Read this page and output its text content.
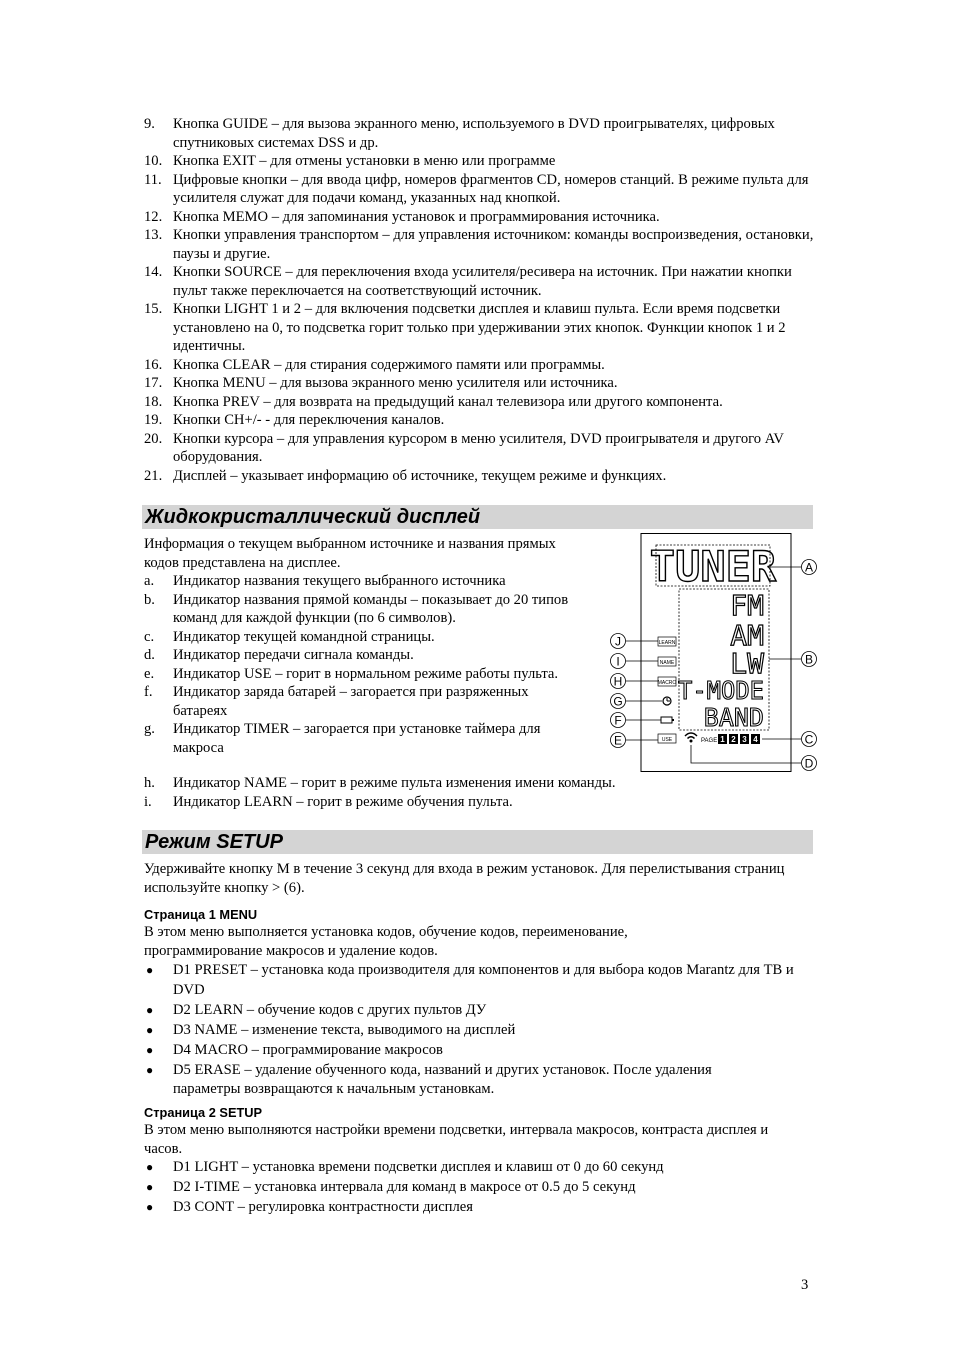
9. Кнопка GUIDE – для вызова экранного меню, используемого в DVD проигрывателях, цифровых спутниковых системах DSS и др.
10. Кнопка EXIT – для отмены установки в меню или программе
11. Цифровые кнопки – для ввода цифр, номеров фрагментов CD, номеров станций. В режиме пульта для усилителя служат для подачи команд, указанных над кнопкой.
12. Кнопка MEMO – для запоминания установок и программирования источника.
13. Кнопки управления транспортом – для управления источником: команды воспроизведения, остановки, паузы и другие.
14. Кнопки SOURCE – для переключения входа усилителя/ресивера на источник. При нажатии кнопки пульт также переключается на соответствующий источник.
15. Кнопки LIGHT 1 и 2 – для включения подсветки дисплея и клавиш пульта. Если время подсветки установлено на 0, то подсветка горит только при удерживании этих кнопок. Функции кнопок 1 и 2 идентичны.
16. Кнопка CLEAR – для стирания содержимого памяти или программы.
17. Кнопка MENU – для вызова экранного меню усилителя или источника.
18. Кнопка PREV – для возврата на предыдущий канал телевизора или другого компонента.
19. Кнопки CH+/- - для переключения каналов.
20. Кнопки курсора – для управления курсором в меню усилителя, DVD проигрывателя и другого AV оборудования.
21. Дисплей – указывает информацию об источнике, текущем режиме и функциях.
Жидкокристаллический дисплей
Информация о текущем выбранном источнике и названия прямых кодов представлена на дисплее.
a. Индикатор названия текущего выбранного источника
b. Индикатор названия прямой команды – показывает до 20 типов команд для каждой функции (по 6 символов).
c. Индикатор текущей командной страницы.
d. Индикатор передачи сигнала команды.
e. Индикатор USE – горит в нормальном режиме работы пульта.
f. Индикатор заряда батарей – загорается при разряженных батареях
g. Индикатор TIMER – загорается при установке таймера для макроса
h. Индикатор NAME – горит в режиме пульта изменения имени команды.
i. Индикатор LEARN – горит в режиме обучения пульта.
TUNER
FM
AM
LW
T-MODE
BAND
LEARN
NAME
MACRO
USE	PAGE 1 2 3 4
A
B
C
D
J
I
H
G
F
E
Режим SETUP

Удерживайте кнопку M в течение 3 секунд для входа в режим установок. Для перелистывания страниц используйте кнопку > (6).

Страница 1 MENU

В этом меню выполняется установка кодов, обучение кодов, переименование, программирование макросов и удаление кодов.

● D1 PRESET – установка кода производителя для компонентов и для выбора кодов Marantz для ТВ и DVD
● D2 LEARN – обучение кодов с других пультов ДУ
● D3 NAME – изменение текста, выводимого на дисплей
● D4 MACRO – программирование макросов
● D5 ERASE – удаление обученного кода, названий и других установок. После удаления параметры возвращаются к начальным установкам.
Страница 2 SETUP

В этом меню выполняются настройки времени подсветки, интервала макросов, контраста дисплея и часов.

● D1 LIGHT – установка времени подсветки дисплея и клавиш от 0 до 60 секунд
● D2 I-TIME – установка интервала для команд в макросе от 0.5 до 5 секунд
● D3 CONT – регулировка контрастности дисплея
3
